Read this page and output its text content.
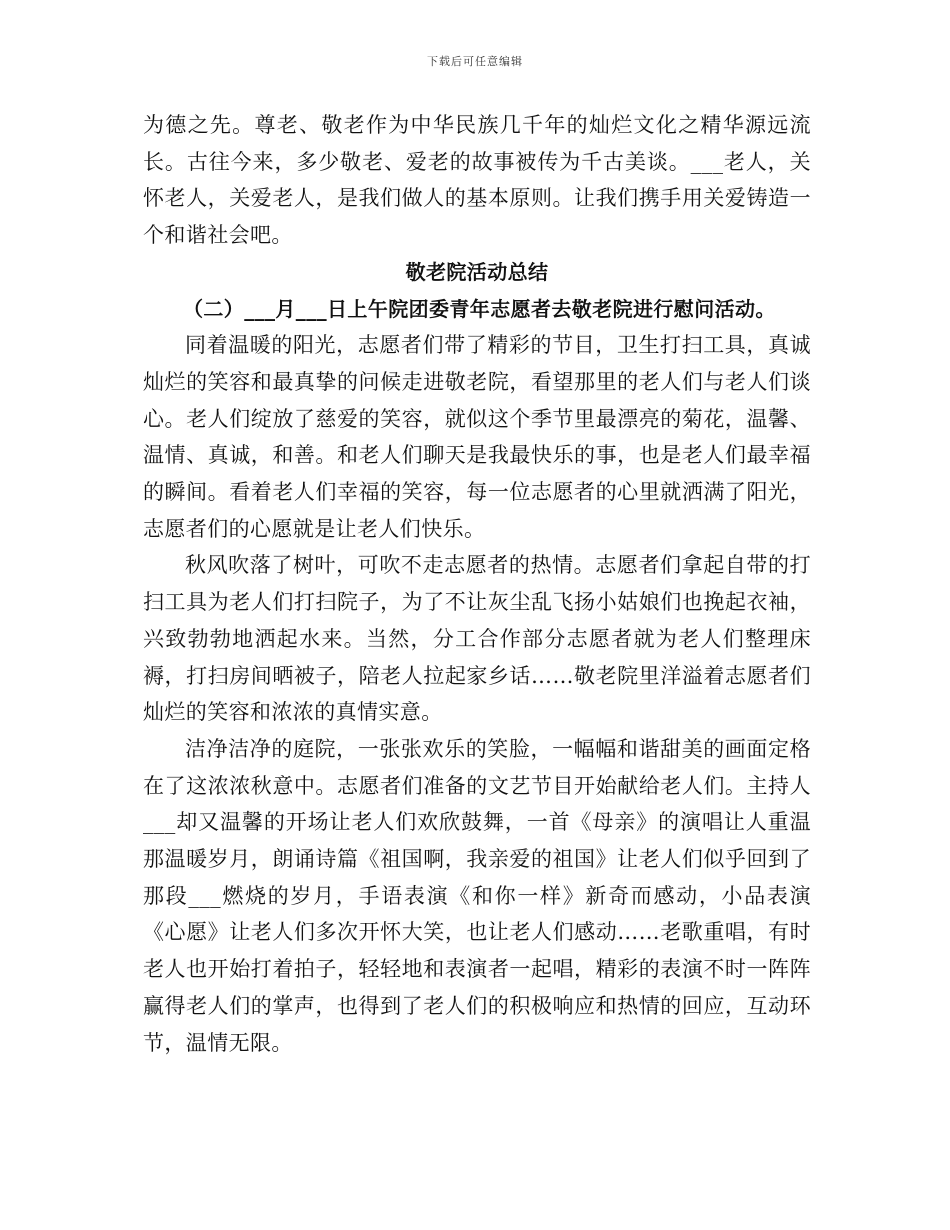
下载后可任意编辑

为德之先。尊老、敬老作为中华民族几千年的灿烂文化之精华源远流长。古往今来，多少敬老、爱老的故事被传为千古美谈。___老人，关怀老人，关爱老人，是我们做人的基本原则。让我们携手用关爱铸造一个和谐社会吧。

敬老院活动总结

（二）___月___日上午院团委青年志愿者去敬老院进行慰问活动。

同着温暖的阳光，志愿者们带了精彩的节目，卫生打扫工具，真诚灿烂的笑容和最真挚的问候走进敬老院，看望那里的老人们与老人们谈心。老人们绽放了慈爱的笑容，就似这个季节里最漂亮的菊花，温馨、温情、真诚，和善。和老人们聊天是我最快乐的事，也是老人们最幸福的瞬间。看着老人们幸福的笑容，每一位志愿者的心里就洒满了阳光，志愿者们的心愿就是让老人们快乐。

秋风吹落了树叶，可吹不走志愿者的热情。志愿者们拿起自带的打扫工具为老人们打扫院子，为了不让灰尘乱飞扬小姑娘们也挽起衣袖，兴致勃勃地洒起水来。当然，分工合作部分志愿者就为老人们整理床褥，打扫房间晒被子，陪老人拉起家乡话……敬老院里洋溢着志愿者们灿烂的笑容和浓浓的真情实意。

洁净洁净的庭院，一张张欢乐的笑脸，一幅幅和谐甜美的画面定格在了这浓浓秋意中。志愿者们准备的文艺节目开始献给老人们。主持人___却又温馨的开场让老人们欢欣鼓舞，一首《母亲》的演唱让人重温那温暖岁月，朗诵诗篇《祖国啊，我亲爱的祖国》让老人们似乎回到了那段___燃烧的岁月，手语表演《和你一样》新奇而感动，小品表演《心愿》让老人们多次开怀大笑，也让老人们感动……老歌重唱，有时老人也开始打着拍子，轻轻地和表演者一起唱，精彩的表演不时一阵阵赢得老人们的掌声，也得到了老人们的积极响应和热情的回应，互动环节，温情无限。
